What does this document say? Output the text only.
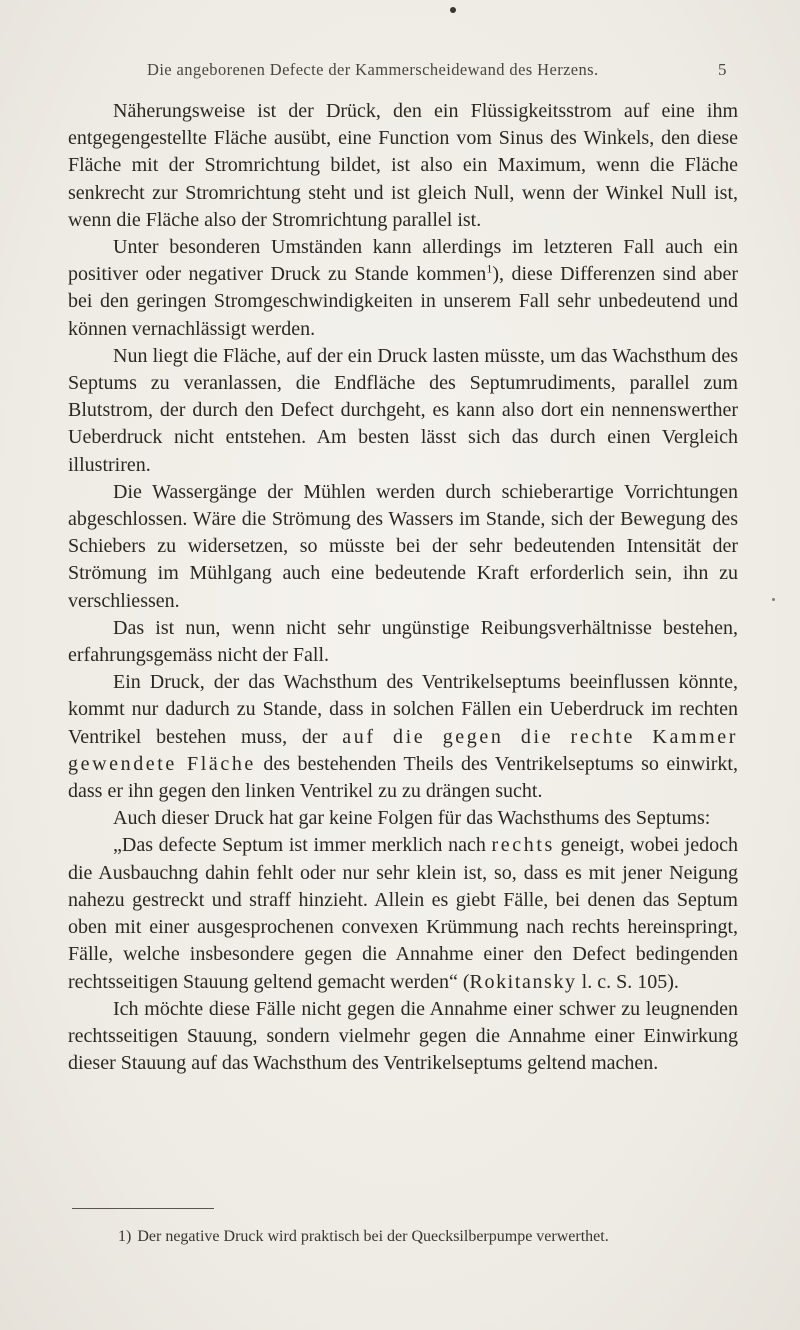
Die angeborenen Defecte der Kammerscheidewand des Herzens.	5

Näherungsweise ist der Drück, den ein Flüssigkeitsstrom auf eine ihm entgegengestellte Fläche ausübt, eine Function vom Sinus des Winkels, den diese Fläche mit der Stromrichtung bildet, ist also ein Maximum, wenn die Fläche senkrecht zur Stromrichtung steht und ist gleich Null, wenn der Winkel Null ist, wenn die Fläche also der Stromrichtung parallel ist.

Unter besonderen Umständen kann allerdings im letzteren Fall auch ein positiver oder negativer Druck zu Stande kommen$^1$), diese Differenzen sind aber bei den geringen Stromgeschwindigkeiten in unserem Fall sehr unbedeutend und können vernachlässigt werden.

Nun liegt die Fläche, auf der ein Druck lasten müsste, um das Wachsthum des Septums zu veranlassen, die Endfläche des Septumrudiments, parallel zum Blutstrom, der durch den Defect durchgeht, es kann also dort ein nennenswerther Ueberdruck nicht entstehen. Am besten lässt sich das durch einen Vergleich illustriren.

Die Wassergänge der Mühlen werden durch schieberartige Vorrichtungen abgeschlossen. Wäre die Strömung des Wassers im Stande, sich der Bewegung des Schiebers zu widersetzen, so müsste bei der sehr bedeutenden Intensität der Strömung im Mühlgang auch eine bedeutende Kraft erforderlich sein, ihn zu verschliessen.

Das ist nun, wenn nicht sehr ungünstige Reibungsverhältnisse bestehen, erfahrungsgemäss nicht der Fall.

Ein Druck, der das Wachsthum des Ventrikelseptums beeinflussen könnte, kommt nur dadurch zu Stande, dass in solchen Fällen ein Ueberdruck im rechten Ventrikel bestehen muss, der auf die gegen die rechte Kammer gewendete Fläche des bestehenden Theils des Ventrikelseptums so einwirkt, dass er ihn gegen den linken Ventrikel zu zu drängen sucht.

Auch dieser Druck hat gar keine Folgen für das Wachsthums des Septums:

„Das defecte Septum ist immer merklich nach rechts geneigt, wobei jedoch die Ausbauchng dahin fehlt oder nur sehr klein ist, so, dass es mit jener Neigung nahezu gestreckt und straff hinzieht. Allein es giebt Fälle, bei denen das Septum oben mit einer ausgesprochenen convexen Krümmung nach rechts hereinspringt, Fälle, welche insbesondere gegen die Annahme einer den Defect bedingenden rechtsseitigen Stauung geltend gemacht werden“ (Rokitansky l. c. S. 105).

Ich möchte diese Fälle nicht gegen die Annahme einer schwer zu leugnenden rechtsseitigen Stauung, sondern vielmehr gegen die Annahme einer Einwirkung dieser Stauung auf das Wachsthum des Ventrikelseptums geltend machen.

1) Der negative Druck wird praktisch bei der Quecksilberpumpe verwerthet.
